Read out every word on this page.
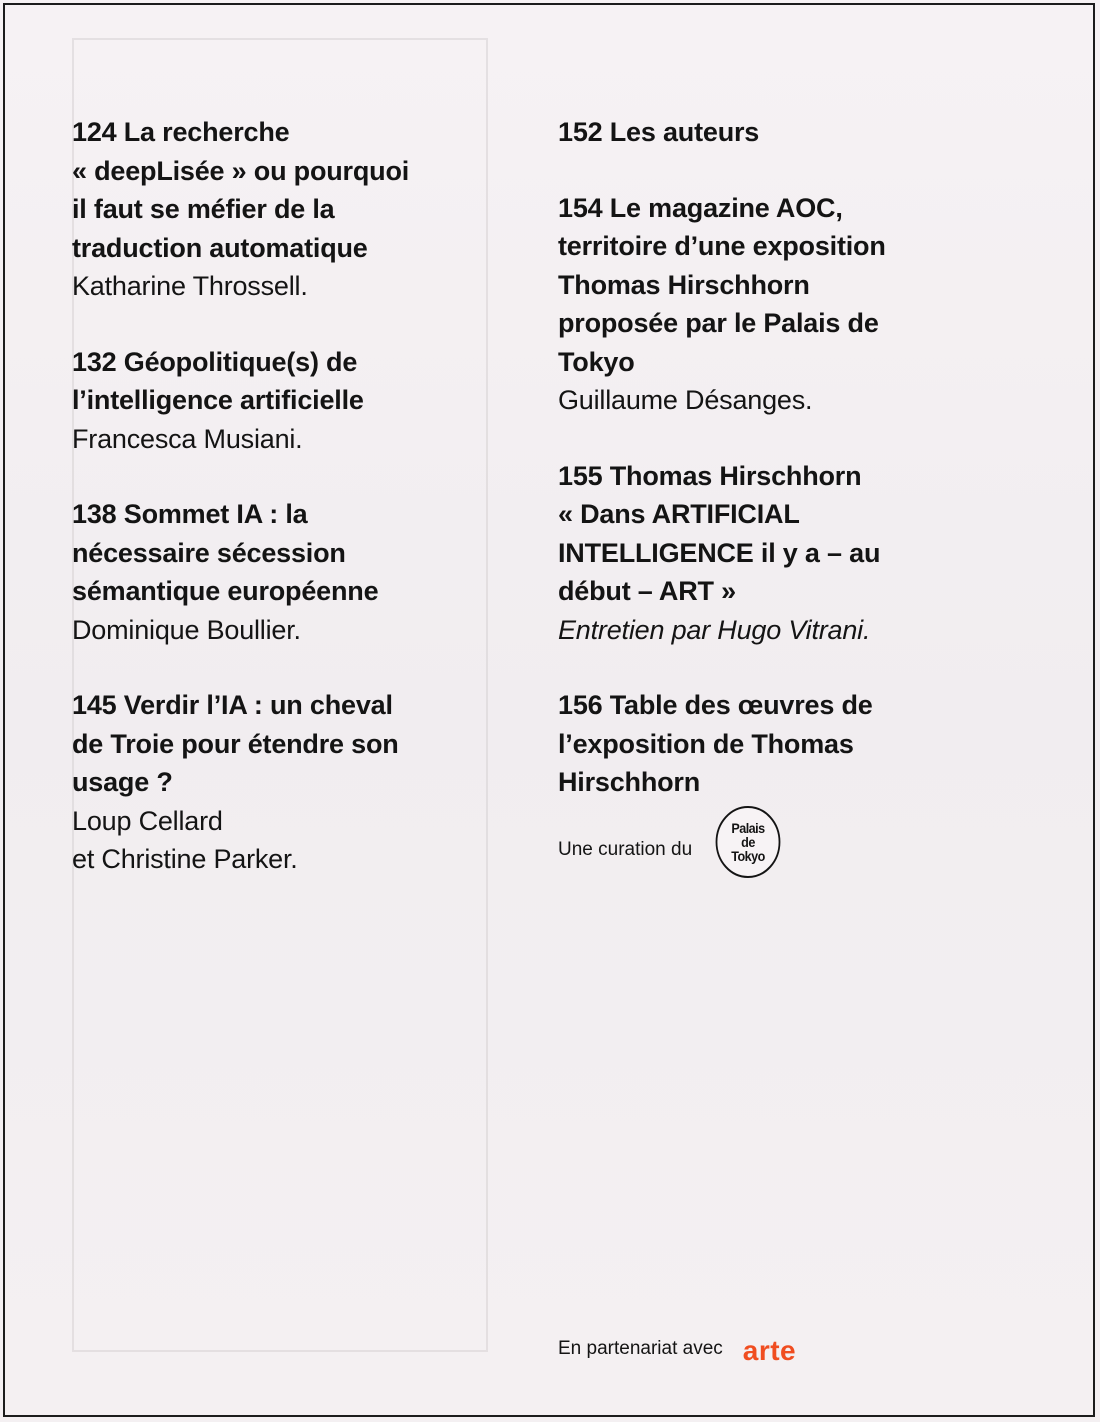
124 La recherche
« deepLisée » ou pourquoi
il faut se méfier de la
traduction automatique
Katharine Throssell.
132 Géopolitique(s) de
l’intelligence artificielle
Francesca Musiani.
138 Sommet IA : la
nécessaire sécession
sémantique européenne
Dominique Boullier.
145 Verdir l’IA : un cheval
de Troie pour étendre son
usage ?
Loup Cellard
et Christine Parker.
152 Les auteurs
154 Le magazine AOC,
territoire d’une exposition
Thomas Hirschhorn
proposée par le Palais de
Tokyo
Guillaume Désanges.
155 Thomas Hirschhorn
« Dans ARTIFICIAL
INTELLIGENCE il y a – au
début – ART »
Entretien par Hugo Vitrani.
156 Table des œuvres de
l’exposition de Thomas
Hirschhorn
Une curation du
Palais
de
Tokyo
En partenariat avec arte
